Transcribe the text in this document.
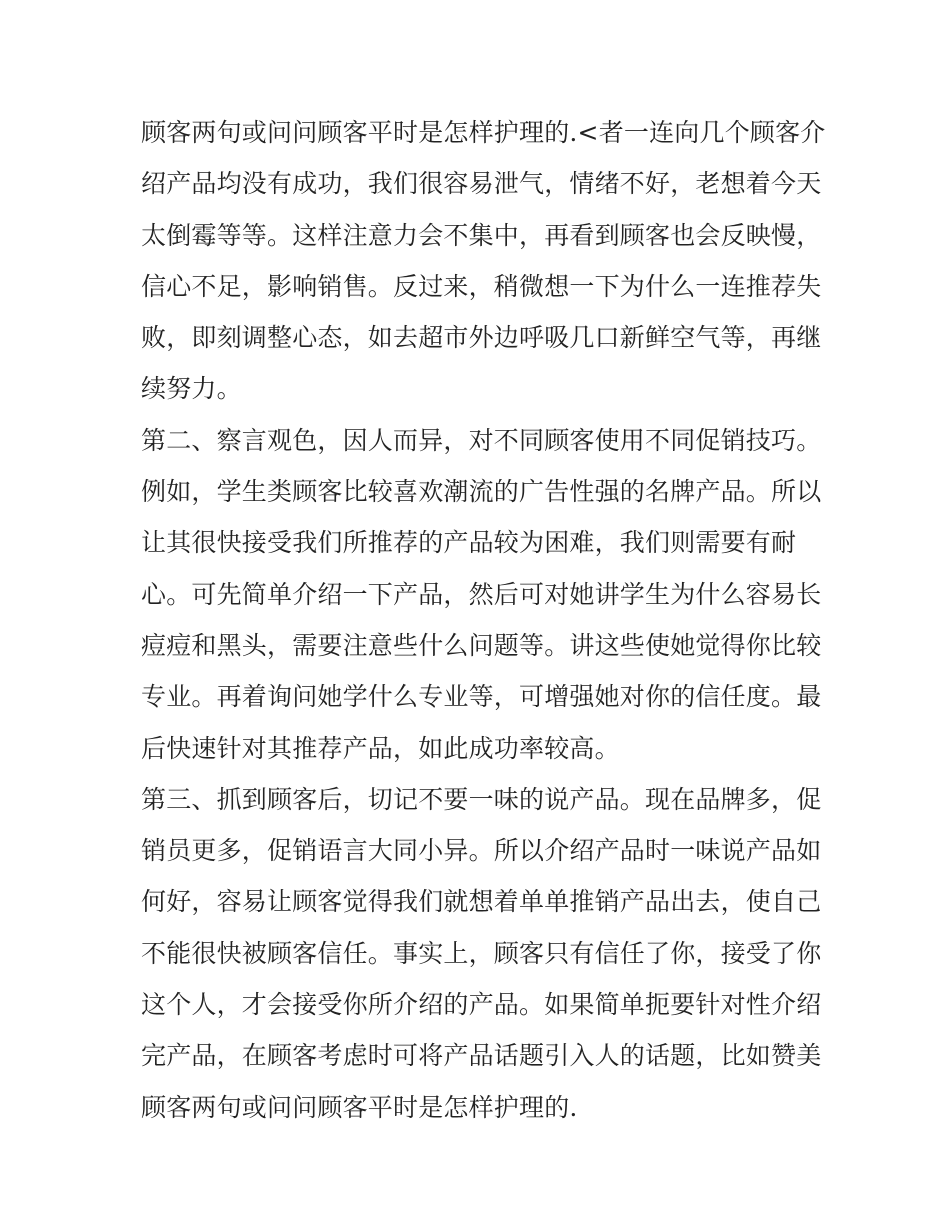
顾客两句或问问顾客平时是怎样护理的.<者一连向几个顾客介
绍产品均没有成功，我们很容易泄气，情绪不好，老想着今天
太倒霉等等。这样注意力会不集中，再看到顾客也会反映慢，
信心不足，影响销售。反过来，稍微想一下为什么一连推荐失
败，即刻调整心态，如去超市外边呼吸几口新鲜空气等，再继
续努力。
第二、察言观色，因人而异，对不同顾客使用不同促销技巧。
例如，学生类顾客比较喜欢潮流的广告性强的名牌产品。所以
让其很快接受我们所推荐的产品较为困难，我们则需要有耐
心。可先简单介绍一下产品，然后可对她讲学生为什么容易长
痘痘和黑头，需要注意些什么问题等。讲这些使她觉得你比较
专业。再着询问她学什么专业等，可增强她对你的信任度。最
后快速针对其推荐产品，如此成功率较高。
第三、抓到顾客后，切记不要一味的说产品。现在品牌多，促
销员更多，促销语言大同小异。所以介绍产品时一味说产品如
何好，容易让顾客觉得我们就想着单单推销产品出去，使自己
不能很快被顾客信任。事实上，顾客只有信任了你，接受了你
这个人，才会接受你所介绍的产品。如果简单扼要针对性介绍
完产品，在顾客考虑时可将产品话题引入人的话题，比如赞美
顾客两句或问问顾客平时是怎样护理的.
